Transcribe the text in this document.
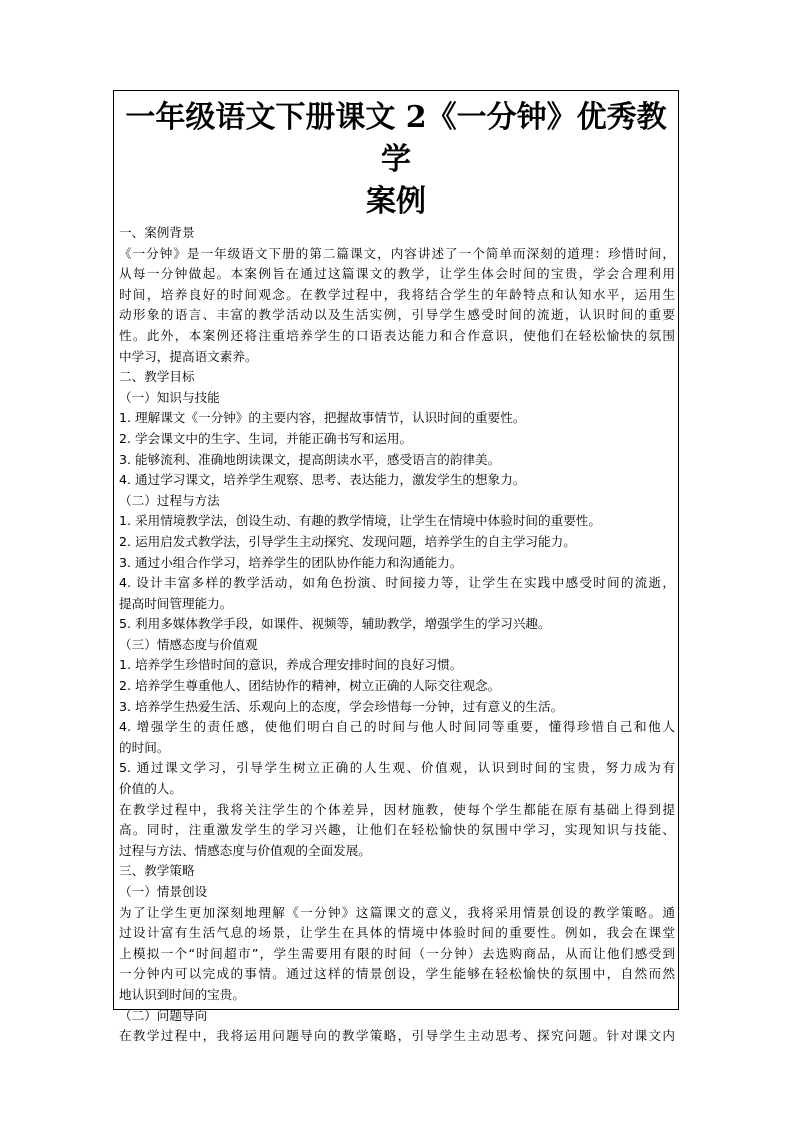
一年级语文下册课文 2《一分钟》优秀教学
案例

一、案例背景

《一分钟》是一年级语文下册的第二篇课文，内容讲述了一个简单而深刻的道理：珍惜时间，

从每一分钟做起。本案例旨在通过这篇课文的教学，让学生体会时间的宝贵，学会合理利用

时间，培养良好的时间观念。在教学过程中，我将结合学生的年龄特点和认知水平，运用生

动形象的语言、丰富的教学活动以及生活实例，引导学生感受时间的流逝，认识时间的重要

性。此外，本案例还将注重培养学生的口语表达能力和合作意识，使他们在轻松愉快的氛围

中学习，提高语文素养。

二、教学目标

（一）知识与技能

1. 理解课文《一分钟》的主要内容，把握故事情节，认识时间的重要性。

2. 学会课文中的生字、生词，并能正确书写和运用。

3. 能够流利、准确地朗读课文，提高朗读水平，感受语言的韵律美。

4. 通过学习课文，培养学生观察、思考、表达能力，激发学生的想象力。

（二）过程与方法

1. 采用情境教学法，创设生动、有趣的教学情境，让学生在情境中体验时间的重要性。

2. 运用启发式教学法，引导学生主动探究、发现问题，培养学生的自主学习能力。

3. 通过小组合作学习，培养学生的团队协作能力和沟通能力。

4. 设计丰富多样的教学活动，如角色扮演、时间接力等，让学生在实践中感受时间的流逝，

提高时间管理能力。

5. 利用多媒体教学手段，如课件、视频等，辅助教学，增强学生的学习兴趣。

（三）情感态度与价值观

1. 培养学生珍惜时间的意识，养成合理安排时间的良好习惯。

2. 培养学生尊重他人、团结协作的精神，树立正确的人际交往观念。

3. 培养学生热爱生活、乐观向上的态度，学会珍惜每一分钟，过有意义的生活。

4. 增强学生的责任感，使他们明白自己的时间与他人时间同等重要，懂得珍惜自己和他人

的时间。

5. 通过课文学习，引导学生树立正确的人生观、价值观，认识到时间的宝贵，努力成为有

价值的人。

在教学过程中，我将关注学生的个体差异，因材施教，使每个学生都能在原有基础上得到提

高。同时，注重激发学生的学习兴趣，让他们在轻松愉快的氛围中学习，实现知识与技能、

过程与方法、情感态度与价值观的全面发展。

三、教学策略

（一）情景创设

为了让学生更加深刻地理解《一分钟》这篇课文的意义，我将采用情景创设的教学策略。通

过设计富有生活气息的场景，让学生在具体的情境中体验时间的重要性。例如，我会在课堂

上模拟一个“时间超市”，学生需要用有限的时间（一分钟）去选购商品，从而让他们感受到

一分钟内可以完成的事情。通过这样的情景创设，学生能够在轻松愉快的氛围中，自然而然

地认识到时间的宝贵。

（二）问题导向

在教学过程中，我将运用问题导向的教学策略，引导学生主动思考、探究问题。针对课文内
